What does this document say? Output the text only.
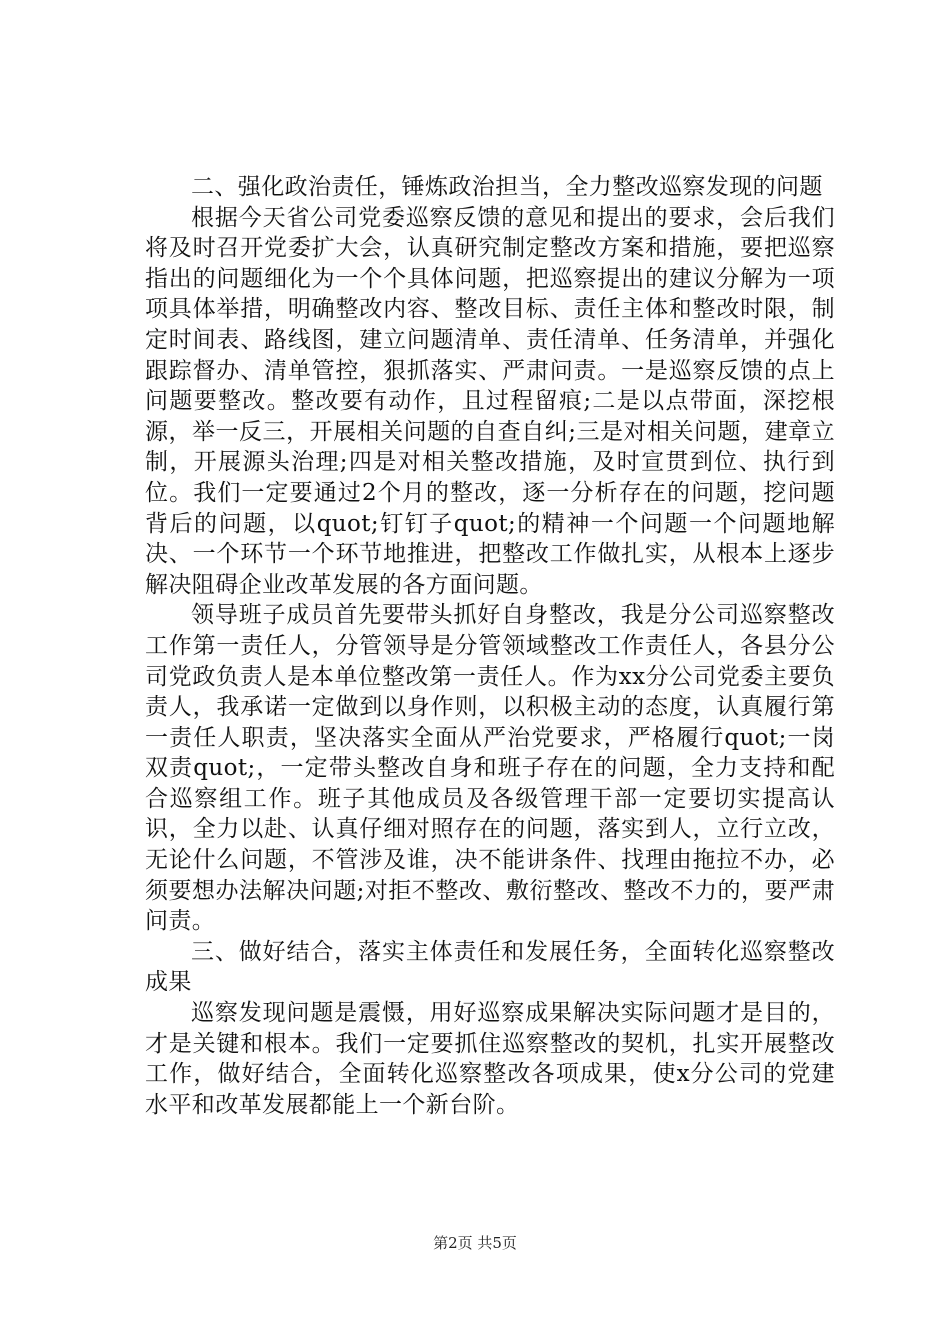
二、强化政治责任，锤炼政治担当，全力整改巡察发现的问题

根据今天省公司党委巡察反馈的意见和提出的要求，会后我们将及时召开党委扩大会，认真研究制定整改方案和措施，要把巡察指出的问题细化为一个个具体问题，把巡察提出的建议分解为一项项具体举措，明确整改内容、整改目标、责任主体和整改时限，制定时间表、路线图，建立问题清单、责任清单、任务清单，并强化跟踪督办、清单管控，狠抓落实、严肃问责。一是巡察反馈的点上问题要整改。整改要有动作，且过程留痕;二是以点带面，深挖根源，举一反三，开展相关问题的自查自纠;三是对相关问题，建章立制，开展源头治理;四是对相关整改措施，及时宣贯到位、执行到位。我们一定要通过2个月的整改，逐一分析存在的问题，挖问题背后的问题，以quot;钉钉子quot;的精神一个问题一个问题地解决、一个环节一个环节地推进，把整改工作做扎实，从根本上逐步解决阻碍企业改革发展的各方面问题。

领导班子成员首先要带头抓好自身整改，我是分公司巡察整改工作第一责任人，分管领导是分管领域整改工作责任人，各县分公司党政负责人是本单位整改第一责任人。作为xx分公司党委主要负责人，我承诺一定做到以身作则，以积极主动的态度，认真履行第一责任人职责，坚决落实全面从严治党要求，严格履行quot;一岗双责quot;，一定带头整改自身和班子存在的问题，全力支持和配合巡察组工作。班子其他成员及各级管理干部一定要切实提高认识，全力以赴、认真仔细对照存在的问题，落实到人，立行立改，无论什么问题，不管涉及谁，决不能讲条件、找理由拖拉不办，必须要想办法解决问题;对拒不整改、敷衍整改、整改不力的，要严肃问责。

三、做好结合，落实主体责任和发展任务，全面转化巡察整改成果

巡察发现问题是震慑，用好巡察成果解决实际问题才是目的，才是关键和根本。我们一定要抓住巡察整改的契机，扎实开展整改工作，做好结合，全面转化巡察整改各项成果，使x分公司的党建水平和改革发展都能上一个新台阶。

第2页 共5页
